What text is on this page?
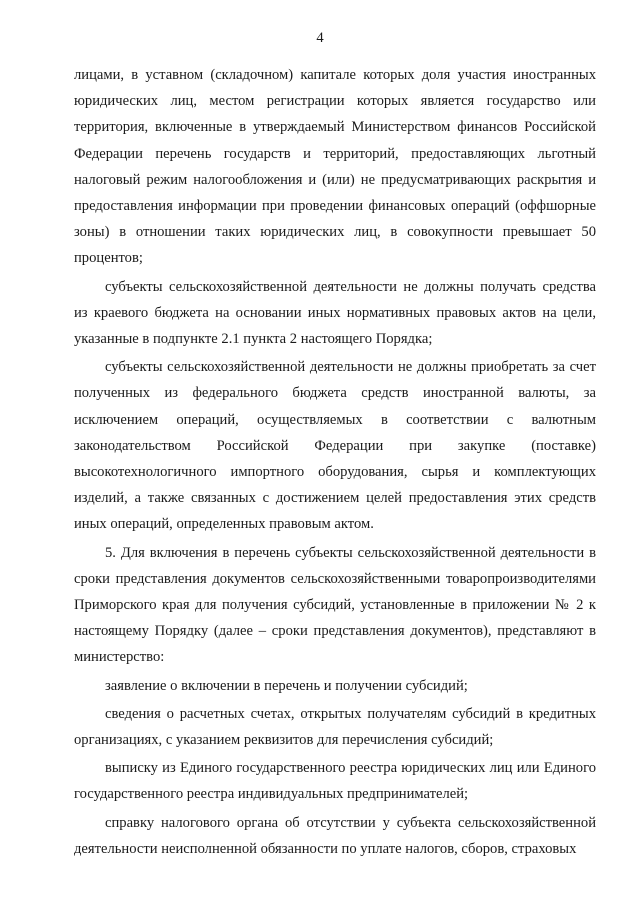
4

лицами, в уставном (складочном) капитале которых доля участия иностранных юридических лиц, местом регистрации которых является государство или территория, включенные в утверждаемый Министерством финансов Российской Федерации перечень государств и территорий, предоставляющих льготный налоговый режим налогообложения и (или) не предусматривающих раскрытия и предоставления информации при проведении финансовых операций (оффшорные зоны) в отношении таких юридических лиц, в совокупности превышает 50 процентов;

субъекты сельскохозяйственной деятельности не должны получать средства из краевого бюджета на основании иных нормативных правовых актов на цели, указанные в подпункте 2.1 пункта 2 настоящего Порядка;

субъекты сельскохозяйственной деятельности не должны приобретать за счет полученных из федерального бюджета средств иностранной валюты, за исключением операций, осуществляемых в соответствии с валютным законодательством Российской Федерации при закупке (поставке) высокотехнологичного импортного оборудования, сырья и комплектующих изделий, а также связанных с достижением целей предоставления этих средств иных операций, определенных правовым актом.

5. Для включения в перечень субъекты сельскохозяйственной деятельности в сроки представления документов сельскохозяйственными товаропроизводителями Приморского края для получения субсидий, установленные в приложении № 2 к настоящему Порядку (далее – сроки представления документов), представляют в министерство:

заявление о включении в перечень и получении субсидий;

сведения о расчетных счетах, открытых получателям субсидий в кредитных организациях, с указанием реквизитов для перечисления субсидий;

выписку из Единого государственного реестра юридических лиц или Единого государственного реестра индивидуальных предпринимателей;

справку налогового органа об отсутствии у субъекта сельскохозяйственной деятельности неисполненной обязанности по уплате налогов, сборов, страховых
